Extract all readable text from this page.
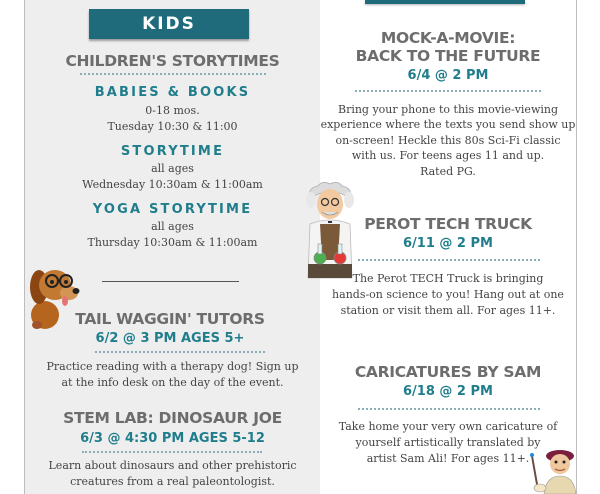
KIDS
CHILDREN'S STORYTIMES
BABIES & BOOKS
0-18 mos.
Tuesday 10:30 & 11:00
STORYTIME
all ages
Wednesday 10:30am & 11:00am
YOGA STORYTIME
all ages
Thursday 10:30am & 11:00am
TAIL WAGGIN' TUTORS
6/2 @ 3 PM AGES 5+
Practice reading with a therapy dog! Sign up
at the info desk on the day of the event.
STEM LAB: DINOSAUR JOE
6/3 @ 4:30 PM AGES 5-12
Learn about dinosaurs and other prehistoric
creatures from a real paleontologist.
MOCK-A-MOVIE:
BACK TO THE FUTURE
6/4 @ 2 PM
Bring your phone to this movie-viewing
experience where the texts you send show up
on-screen! Heckle this 80s Sci-Fi classic
with us. For teens ages 11 and up.
Rated PG.
PEROT TECH TRUCK
6/11 @ 2 PM
The Perot TECH Truck is bringing
hands-on science to you! Hang out at one
station or visit them all. For ages 11+.
CARICATURES BY SAM
6/18 @ 2 PM
Take home your very own caricature of
yourself artistically translated by
artist Sam Ali! For ages 11+.
